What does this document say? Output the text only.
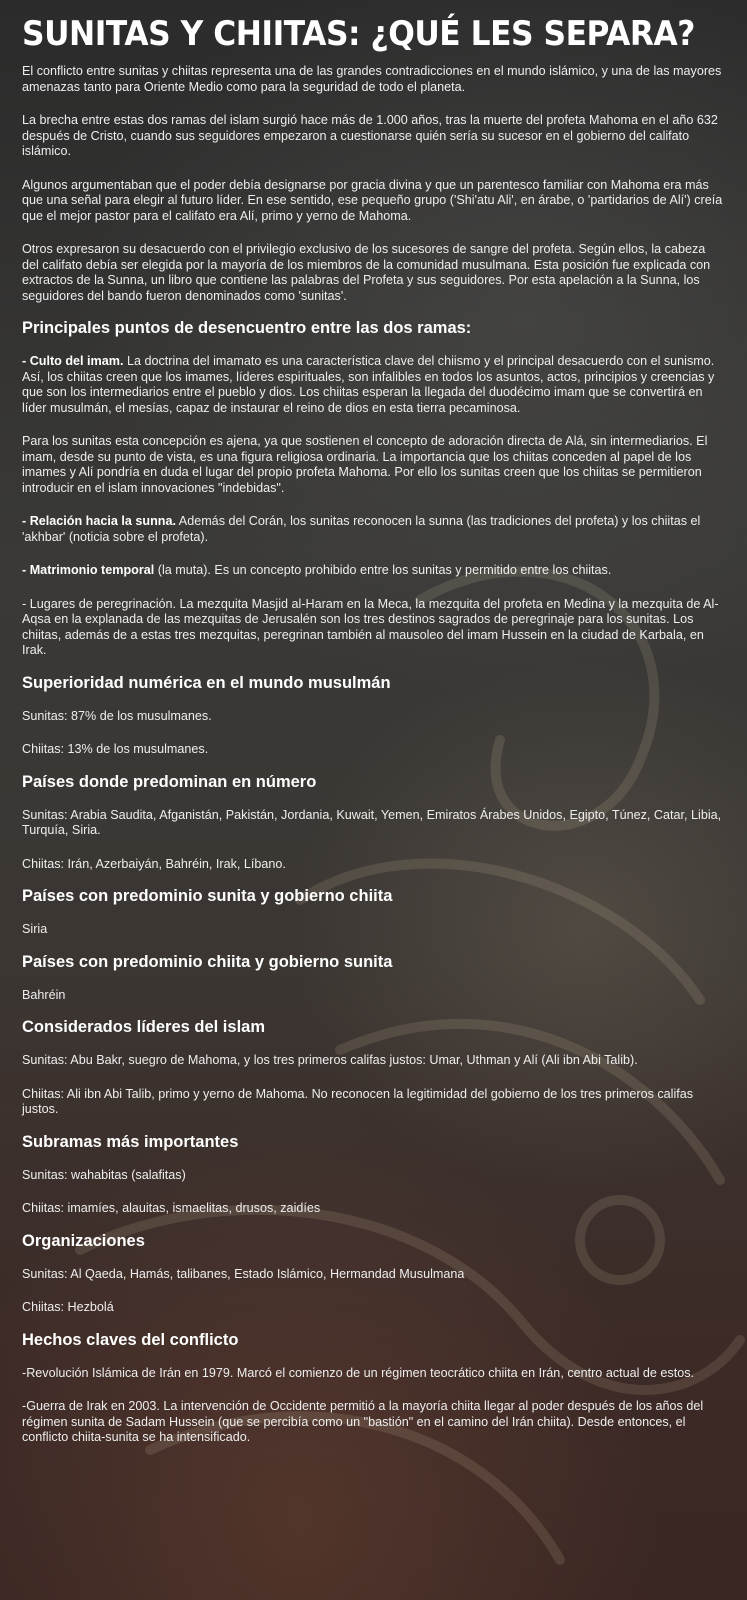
SUNITAS Y CHIITAS: ¿QUÉ LES SEPARA?

El conflicto entre sunitas y chiitas representa una de las grandes contradicciones en el mundo islámico, y una de las mayores amenazas tanto para Oriente Medio como para la seguridad de todo el planeta.

La brecha entre estas dos ramas del islam surgió hace más de 1.000 años, tras la muerte del profeta Mahoma en el año 632 después de Cristo, cuando sus seguidores empezaron a cuestionarse quién sería su sucesor en el gobierno del califato islámico.

Algunos argumentaban que el poder debía designarse por gracia divina y que un parentesco familiar con Mahoma era más que una señal para elegir al futuro líder. En ese sentido, ese pequeño grupo ('Shi'atu Ali', en árabe, o 'partidarios de Alí') creía que el mejor pastor para el califato era Alí, primo y yerno de Mahoma.

Otros expresaron su desacuerdo con el privilegio exclusivo de los sucesores de sangre del profeta. Según ellos, la cabeza del califato debía ser elegida por la mayoría de los miembros de la comunidad musulmana. Esta posición fue explicada con extractos de la Sunna, un libro que contiene las palabras del Profeta y sus seguidores. Por esta apelación a la Sunna, los seguidores del bando fueron denominados como 'sunitas'.

Principales puntos de desencuentro entre las dos ramas:

- Culto del imam. La doctrina del imamato es una característica clave del chiismo y el principal desacuerdo con el sunismo. Así, los chiitas creen que los imames, líderes espirituales, son infalibles en todos los asuntos, actos, principios y creencias y que son los intermediarios entre el pueblo y dios. Los chiitas esperan la llegada del duodécimo imam que se convertirá en líder musulmán, el mesías, capaz de instaurar el reino de dios en esta tierra pecaminosa.

Para los sunitas esta concepción es ajena, ya que sostienen el concepto de adoración directa de Alá, sin intermediarios. El imam, desde su punto de vista, es una figura religiosa ordinaria. La importancia que los chiitas conceden al papel de los imames y Alí pondría en duda el lugar del propio profeta Mahoma. Por ello los sunitas creen que los chiitas se permitieron introducir en el islam innovaciones "indebidas".

- Relación hacia la sunna. Además del Corán, los sunitas reconocen la sunna (las tradiciones del profeta) y los chiitas el 'akhbar' (noticia sobre el profeta).

- Matrimonio temporal (la muta). Es un concepto prohibido entre los sunitas y permitido entre los chiitas.

- Lugares de peregrinación. La mezquita Masjid al-Haram en la Meca, la mezquita del profeta en Medina y la mezquita de Al-Aqsa en la explanada de las mezquitas de Jerusalén son los tres destinos sagrados de peregrinaje para los sunitas. Los chiitas, además de a estas tres mezquitas, peregrinan también al mausoleo del imam Hussein en la ciudad de Karbala, en Irak.

Superioridad numérica en el mundo musulmán

Sunitas: 87% de los musulmanes.

Chiitas: 13% de los musulmanes.

Países donde predominan en número

Sunitas: Arabia Saudita, Afganistán, Pakistán, Jordania, Kuwait, Yemen, Emiratos Árabes Unidos, Egipto, Túnez, Catar, Libia, Turquía, Siria.

Chiitas: Irán, Azerbaiyán, Bahréin, Irak, Líbano.

Países con predominio sunita y gobierno chiita

Siria

Países con predominio chiita y gobierno sunita

Bahréin

Considerados líderes del islam

Sunitas: Abu Bakr, suegro de Mahoma, y los tres primeros califas justos: Umar, Uthman y Alí (Ali ibn Abi Talib).

Chiitas: Ali ibn Abi Talib, primo y yerno de Mahoma. No reconocen la legitimidad del gobierno de los tres primeros califas justos.

Subramas más importantes

Sunitas: wahabitas (salafitas)

Chiitas: imamíes, alauitas, ismaelitas, drusos, zaidíes

Organizaciones

Sunitas: Al Qaeda, Hamás, talibanes, Estado Islámico, Hermandad Musulmana

Chiitas: Hezbolá

Hechos claves del conflicto

-Revolución Islámica de Irán en 1979. Marcó el comienzo de un régimen teocrático chiita en Irán, centro actual de estos.

-Guerra de Irak en 2003. La intervención de Occidente permitió a la mayoría chiita llegar al poder después de los años del régimen sunita de Sadam Hussein (que se percibía como un "bastión" en el camino del Irán chiita). Desde entonces, el conflicto chiita-sunita se ha intensificado.
